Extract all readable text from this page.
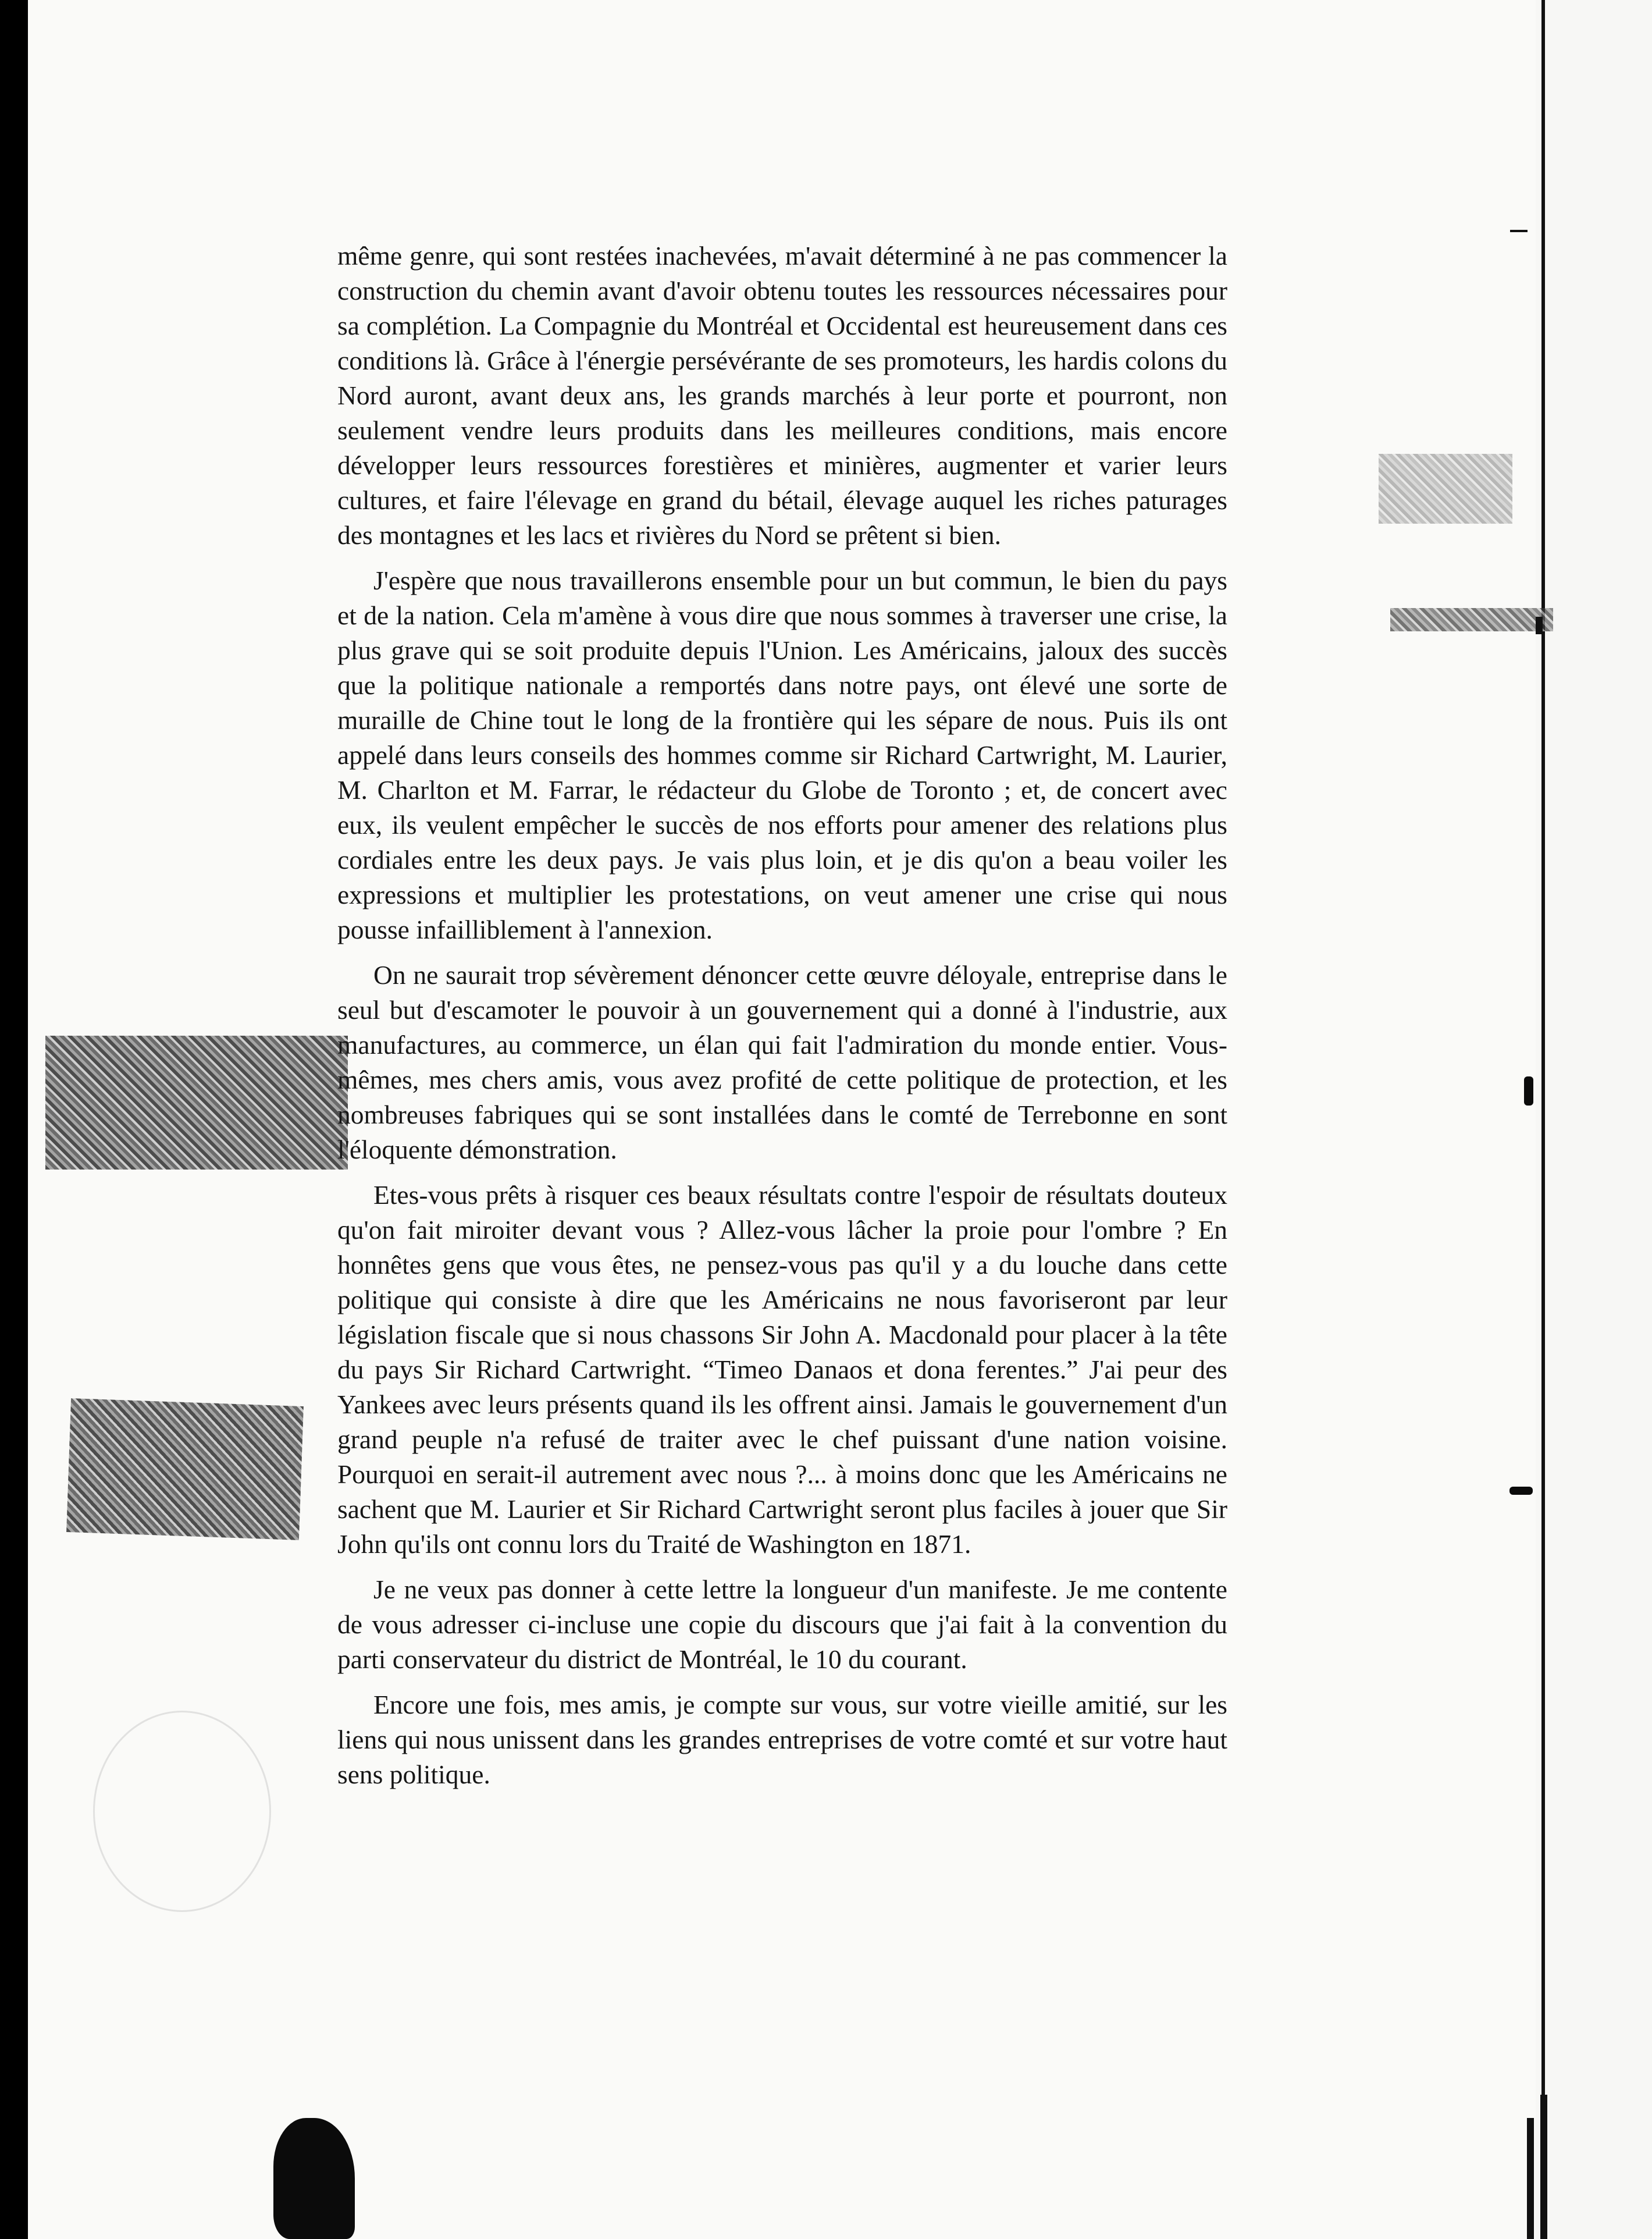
même genre, qui sont restées inachevées, m'avait déterminé à ne pas commencer la construction du chemin avant d'avoir obtenu toutes les ressources nécessaires pour sa complétion. La Compagnie du Montréal et Occidental est heureusement dans ces conditions là. Grâce à l'énergie persévérante de ses promoteurs, les hardis colons du Nord auront, avant deux ans, les grands marchés à leur porte et pourront, non seulement vendre leurs produits dans les meilleures conditions, mais encore développer leurs ressources forestières et minières, augmenter et varier leurs cultures, et faire l'élevage en grand du bétail, élevage auquel les riches paturages des montagnes et les lacs et rivières du Nord se prêtent si bien.

J'espère que nous travaillerons ensemble pour un but commun, le bien du pays et de la nation. Cela m'amène à vous dire que nous sommes à traverser une crise, la plus grave qui se soit produite depuis l'Union. Les Américains, jaloux des succès que la politique nationale a remportés dans notre pays, ont élevé une sorte de muraille de Chine tout le long de la frontière qui les sépare de nous. Puis ils ont appelé dans leurs conseils des hommes comme sir Richard Cartwright, M. Laurier, M. Charlton et M. Farrar, le rédacteur du Globe de Toronto ; et, de concert avec eux, ils veulent empêcher le succès de nos efforts pour amener des relations plus cordiales entre les deux pays. Je vais plus loin, et je dis qu'on a beau voiler les expressions et multiplier les protestations, on veut amener une crise qui nous pousse infailliblement à l'annexion.

On ne saurait trop sévèrement dénoncer cette œuvre déloyale, entreprise dans le seul but d'escamoter le pouvoir à un gouvernement qui a donné à l'industrie, aux manufactures, au commerce, un élan qui fait l'admiration du monde entier. Vous-mêmes, mes chers amis, vous avez profité de cette politique de protection, et les nombreuses fabriques qui se sont installées dans le comté de Terrebonne en sont l'éloquente démonstration.

Etes-vous prêts à risquer ces beaux résultats contre l'espoir de résultats douteux qu'on fait miroiter devant vous ? Allez-vous lâcher la proie pour l'ombre ? En honnêtes gens que vous êtes, ne pensez-vous pas qu'il y a du louche dans cette politique qui consiste à dire que les Américains ne nous favoriseront par leur législation fiscale que si nous chassons Sir John A. Macdonald pour placer à la tête du pays Sir Richard Cartwright. “Timeo Danaos et dona ferentes.” J'ai peur des Yankees avec leurs présents quand ils les offrent ainsi. Jamais le gouvernement d'un grand peuple n'a refusé de traiter avec le chef puissant d'une nation voisine. Pourquoi en serait-il autrement avec nous ?... à moins donc que les Américains ne sachent que M. Laurier et Sir Richard Cartwright seront plus faciles à jouer que Sir John qu'ils ont connu lors du Traité de Washington en 1871.

Je ne veux pas donner à cette lettre la longueur d'un manifeste. Je me contente de vous adresser ci-incluse une copie du discours que j'ai fait à la convention du parti conservateur du district de Montréal, le 10 du courant.

Encore une fois, mes amis, je compte sur vous, sur votre vieille amitié, sur les liens qui nous unissent dans les grandes entreprises de votre comté et sur votre haut sens politique.
